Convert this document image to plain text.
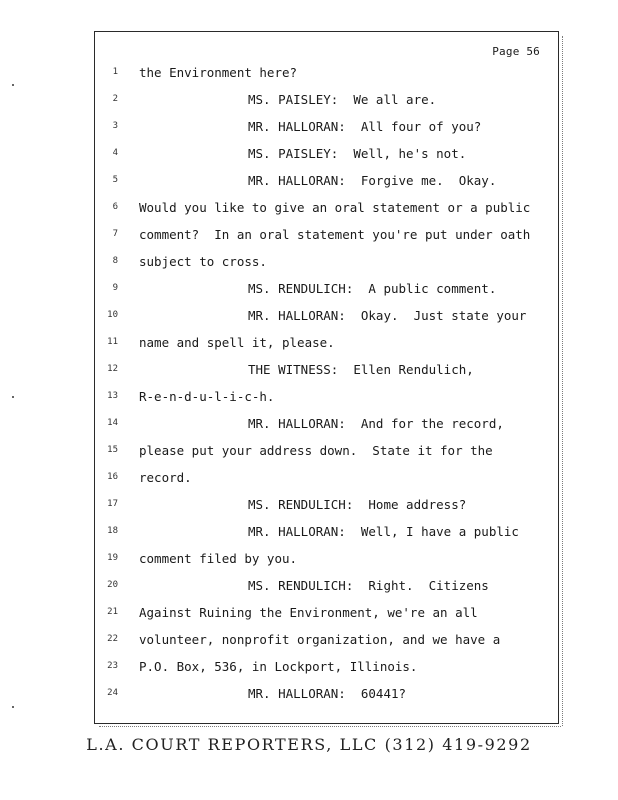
Page 56
1 the Environment here?
2	MS. PAISLEY:  We all are.
3	MR. HALLORAN:  All four of you?
4	MS. PAISLEY:  Well, he's not.
5	MR. HALLORAN:  Forgive me.  Okay.
6 Would you like to give an oral statement or a public
7 comment?  In an oral statement you're put under oath
8 subject to cross.
9	MS. RENDULICH:  A public comment.
10	MR. HALLORAN:  Okay.  Just state your
11 name and spell it, please.
12	THE WITNESS:  Ellen Rendulich,
13 R-e-n-d-u-l-i-c-h.
14	MR. HALLORAN:  And for the record,
15 please put your address down.  State it for the
16 record.
17	MS. RENDULICH:  Home address?
18	MR. HALLORAN:  Well, I have a public
19 comment filed by you.
20	MS. RENDULICH:  Right.  Citizens
21 Against Ruining the Environment, we're an all
22 volunteer, nonprofit organization, and we have a
23 P.O. Box, 536, in Lockport, Illinois.
24	MR. HALLORAN:  60441?
L.A. COURT REPORTERS, LLC (312) 419-9292
